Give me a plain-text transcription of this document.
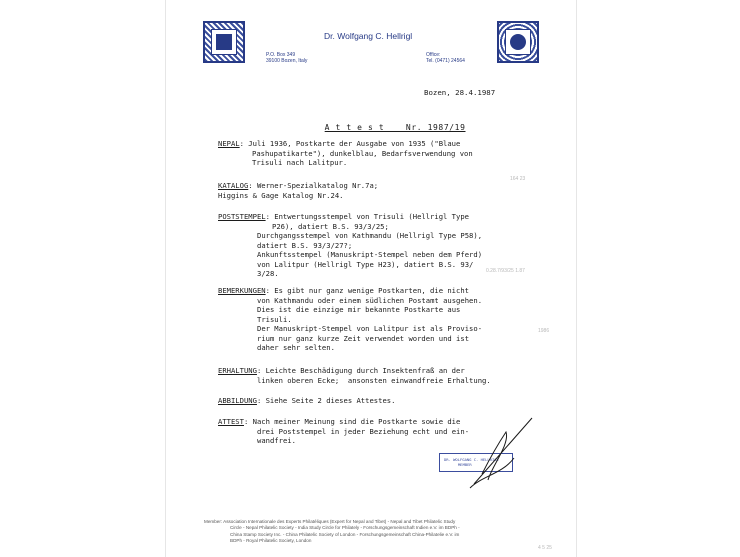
Dr. Wolfgang C. Hellrigl
P.O. Box 349
39100 Bozen, Italy
Office:
Tel. (0471) 24564
Bozen, 28.4.1987

A t t e s t    Nr. 1987/19

NEPAL: Juli 1936, Postkarte der Ausgabe von 1935 ("Blaue
Pashupatikarte"), dunkelblau, Bedarfsverwendung von
Trisuli nach Lalitpur.
KATALOG: Werner-Spezialkatalog Nr.7a;
Higgins & Gage Katalog Nr.24.
POSTSTEMPEL: Entwertungsstempel von Trisuli (Hellrigl Type
P26), datiert B.S. 93/3/25;
Durchgangsstempel von Kathmandu (Hellrigl Type P58),
datiert B.S. 93/3/27?;
Ankunftsstempel (Manuskript-Stempel neben dem Pferd)
von Lalitpur (Hellrigl Type H23), datiert B.S. 93/
3/28.
BEMERKUNGEN: Es gibt nur ganz wenige Postkarten, die nicht
von Kathmandu oder einem südlichen Postamt ausgehen.
Dies ist die einzige mir bekannte Postkarte aus
Trisuli.
Der Manuskript-Stempel von Lalitpur ist als Proviso-
rium nur ganz kurze Zeit verwendet worden und ist
daher sehr selten.
ERHALTUNG: Leichte Beschädigung durch Insektenfraß an der
linken oberen Ecke;  ansonsten einwandfreie Erhaltung.
ABBILDUNG: Siehe Seite 2 dieses Attestes.
ATTEST: Nach meiner Meinung sind die Postkarte sowie die
drei Poststempel in jeder Beziehung echt und ein-
wandfrei.
DR. WOLFGANG C. HELLRIGL
MEMBER
164 23
0.28.7/93/25 1.87
1986
Member: Association Internationale des Experts Philatéliques (Expert for Nepal and Tibet) - Nepal and Tibet Philatelic Study
Circle - Nepal Philatelic Society - India Study Circle for Philately - Forschungsgemeinschaft Indien e.V. im BDPh -
China Stamp Society Inc. - China Philatelic Society of London - Forschungsgemeinschaft China-Philatelie e.V. im
BDPh - Royal Philatelic Society, London
4 5 25
